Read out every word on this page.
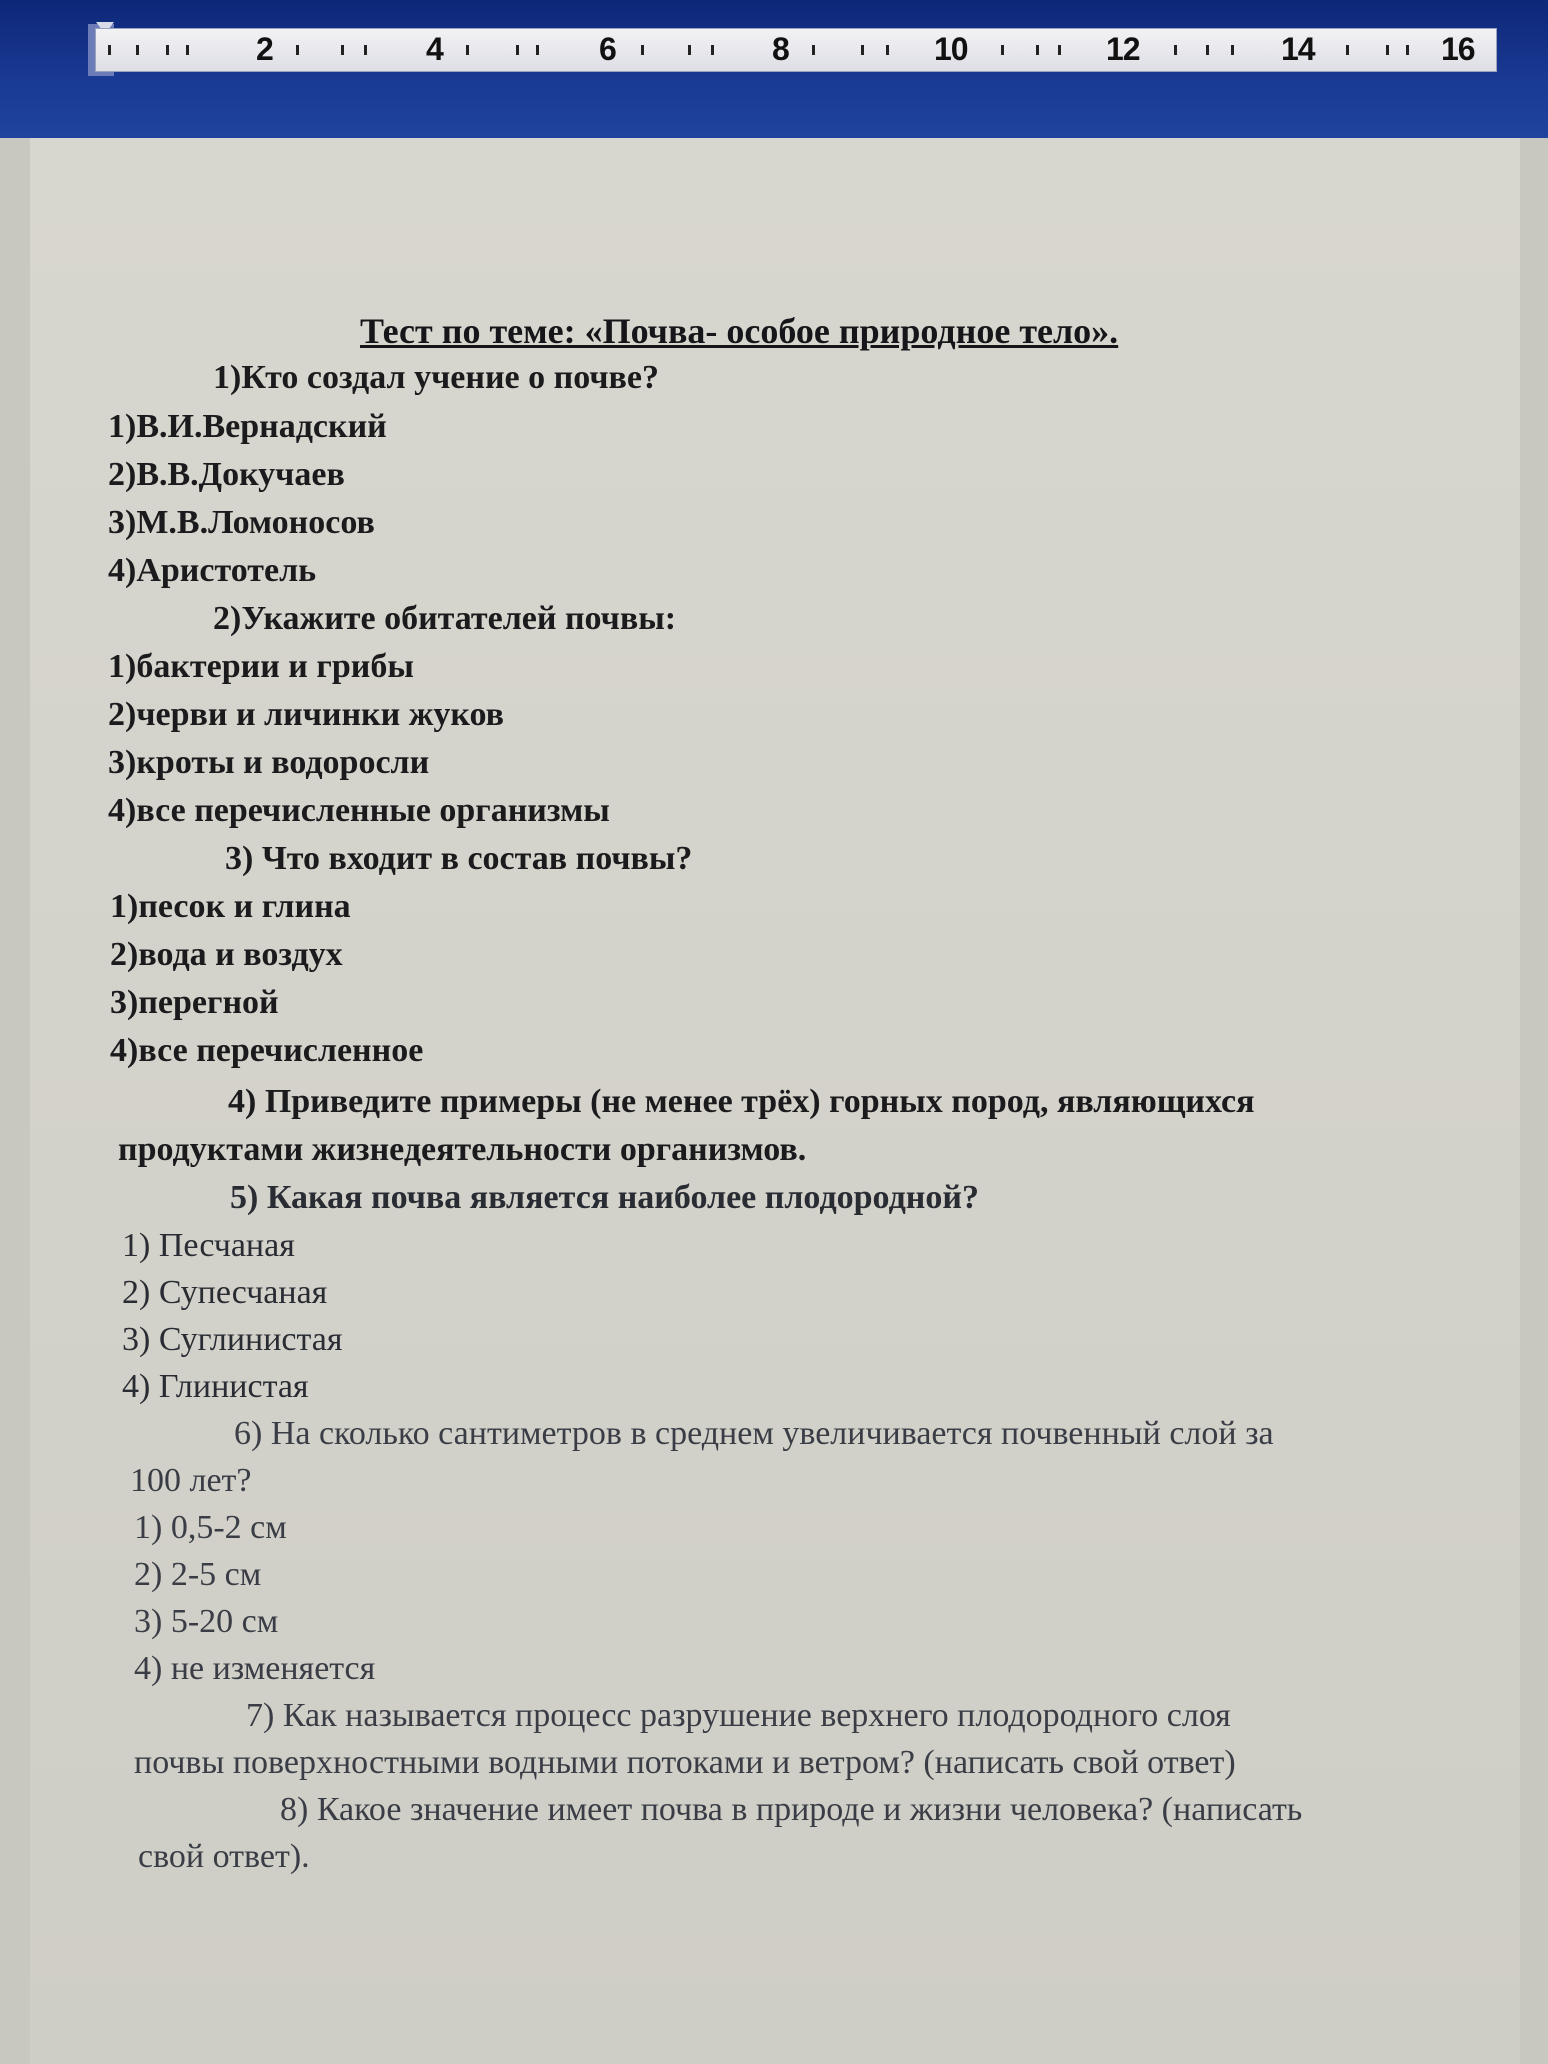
2	4	6	8	10	12	14	16
Тест по теме: «Почва- особое природное тело».
1)Кто создал учение о почве?
1)В.И.Вернадский
2)В.В.Докучаев
3)М.В.Ломоносов
4)Аристотель
2)Укажите обитателей почвы:
1)бактерии и грибы
2)черви и личинки жуков
3)кроты и водоросли
4)все перечисленные организмы
3) Что входит в состав почвы?
1)песок и глина
2)вода и воздух
3)перегной
4)все перечисленное
4) Приведите примеры (не менее трёх) горных пород, являющихся
продуктами жизнедеятельности организмов.
5) Какая почва является наиболее плодородной?
1) Песчаная
2) Супесчаная
3) Суглинистая
4) Глинистая
6) На сколько сантиметров в среднем увеличивается почвенный слой за
100 лет?
1) 0,5-2 см
2) 2-5 см
3) 5-20 см
4) не изменяется
7) Как называется процесс разрушение верхнего плодородного слоя
почвы поверхностными водными потоками и ветром? (написать свой ответ)
8) Какое значение имеет почва в природе и жизни человека? (написать
свой ответ).
